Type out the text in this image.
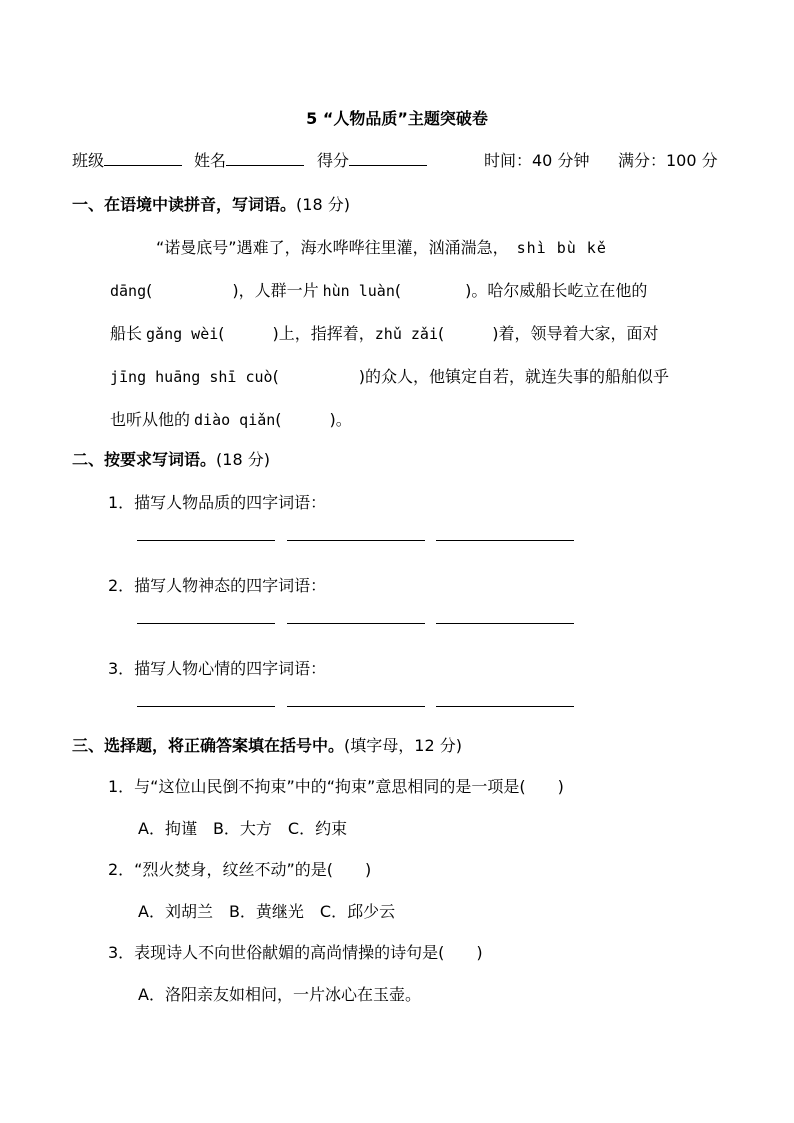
5 “人物品质”主题突破卷
班级	姓名	得分	时间：40 分钟 满分：100 分
一、在语境中读拼音，写词语。(18 分)
“诺曼底号”遇难了，海水哗哗往里灌，汹涌湍急， shì bù kě
dāng(　　　　　)，人群一片 hùn luàn(　　　　)。哈尔威船长屹立在他的
船长 gǎng wèi(　　　)上，指挥着，zhǔ zǎi(　　　)着，领导着大家，面对
jīng huāng shī cuò(　　　　　)的众人，他镇定自若，就连失事的船舶似乎
也听从他的 diào qiǎn(　　　)。
二、按要求写词语。(18 分)
1．描写人物品质的四字词语：
2．描写人物神态的四字词语：
3．描写人物心情的四字词语：
三、选择题，将正确答案填在括号中。(填字母，12 分)
1．与“这位山民倒不拘束”中的“拘束”意思相同的是一项是(　　)
A．拘谨　B．大方　C．约束
2．“烈火焚身，纹丝不动”的是(　　)
A．刘胡兰　B．黄继光　C．邱少云
3．表现诗人不向世俗献媚的高尚情操的诗句是(　　)
A．洛阳亲友如相问，一片冰心在玉壶。
